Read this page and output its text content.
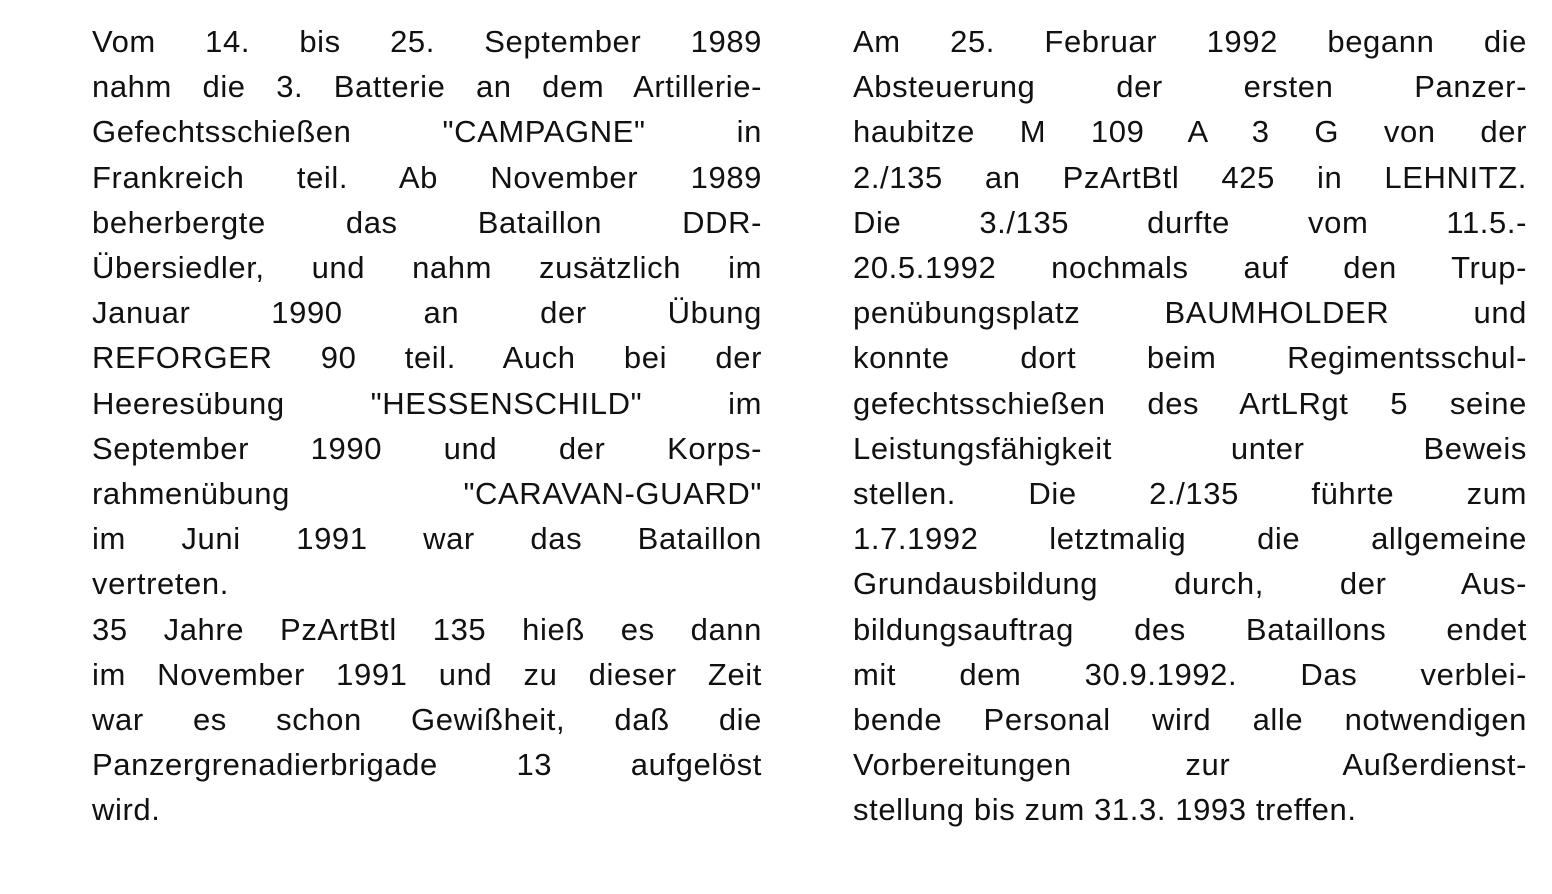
Vom 14. bis 25. September 1989
nahm die 3. Batterie an dem Artillerie-
Gefechtsschießen "CAMPAGNE" in
Frankreich teil. Ab November 1989
beherbergte das Bataillon DDR-
Übersiedler, und nahm zusätzlich im
Januar 1990 an der Übung
REFORGER 90 teil. Auch bei der
Heeresübung "HESSENSCHILD" im
September 1990 und der Korps-
rahmenübung "CARAVAN-GUARD"
im Juni 1991 war das Bataillon
vertreten.
35 Jahre PzArtBtl 135 hieß es dann
im November 1991 und zu dieser Zeit
war es schon Gewißheit, daß die
Panzergrenadierbrigade 13 aufgelöst
wird.
Am 25. Februar 1992 begann die
Absteuerung der ersten Panzer-
haubitze M 109 A 3 G von der
2./135 an PzArtBtl 425 in LEHNITZ.
Die 3./135 durfte vom 11.5.-
20.5.1992 nochmals auf den Trup-
penübungsplatz BAUMHOLDER und
konnte dort beim Regimentsschul-
gefechtsschießen des ArtLRgt 5 seine
Leistungsfähigkeit unter Beweis
stellen. Die 2./135 führte zum
1.7.1992 letztmalig die allgemeine
Grundausbildung durch, der Aus-
bildungsauftrag des Bataillons endet
mit dem 30.9.1992. Das verblei-
bende Personal wird alle notwendigen
Vorbereitungen zur Außerdienst-
stellung bis zum 31.3. 1993 treffen.
